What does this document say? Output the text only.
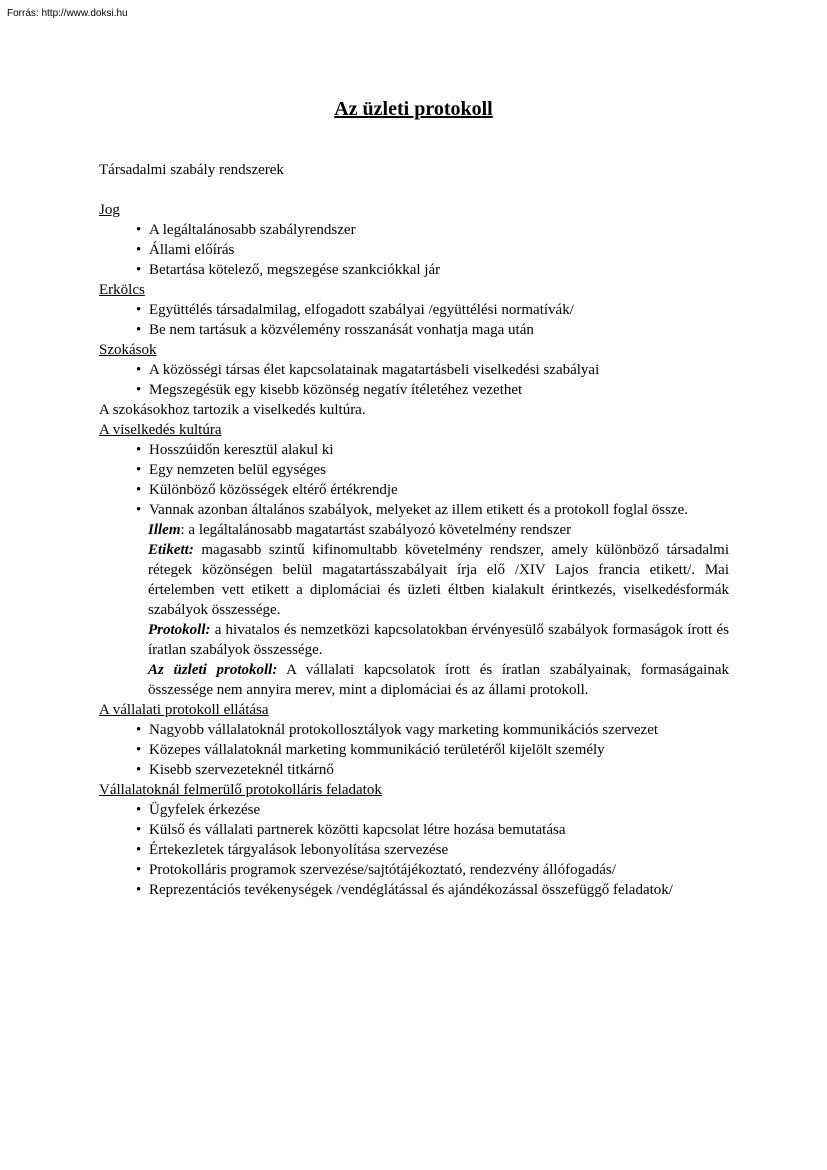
Forrás: http://www.doksi.hu
Az üzleti protokoll

Társadalmi szabály rendszerek

Jog

• A legáltalánosabb szabályrendszer
• Állami előírás
• Betartása kötelező, megszegése szankciókkal jár

Erkölcs

• Együttélés társadalmilag, elfogadott szabályai /együttélési normatívák/
• Be nem tartásuk a közvélemény rosszanását vonhatja maga után

Szokások

• A közösségi társas élet kapcsolatainak magatartásbeli viselkedési szabályai
• Megszegésük egy kisebb közönség negatív ítéletéhez vezethet

A szokásokhoz tartozik a viselkedés kultúra.

A viselkedés kultúra

• Hosszúidőn keresztül alakul ki
• Egy nemzeten belül egységes
• Különböző közösségek eltérő értékrendje
• Vannak azonban általános szabályok, melyeket az illem etikett és a protokoll foglal össze.

Illem: a legáltalánosabb magatartást szabályozó követelmény rendszer

Etikett: magasabb szintű kifinomultabb követelmény rendszer, amely különböző társadalmi rétegek közönségen belül magatartásszabályait írja elő /XIV Lajos francia etikett/. Mai értelemben vett etikett a diplomáciai és üzleti éltben kialakult érintkezés, viselkedésformák szabályok összessége.

Protokoll: a hivatalos és nemzetközi kapcsolatokban érvényesülő szabályok formaságok írott és íratlan szabályok összessége.

Az üzleti protokoll: A vállalati kapcsolatok írott és íratlan szabályainak, formaságainak összessége nem annyira merev, mint a diplomáciai és az állami protokoll.

A vállalati protokoll ellátása

• Nagyobb vállalatoknál protokollosztályok vagy marketing kommunikációs szervezet
• Közepes vállalatoknál marketing kommunikáció területéről kijelölt személy
• Kisebb szervezeteknél titkárnő

Vállalatoknál felmerülő protokolláris feladatok

• Ügyfelek érkezése
• Külső és vállalati partnerek közötti kapcsolat létre hozása bemutatása
• Értekezletek tárgyalások lebonyolítása szervezése
• Protokolláris programok szervezése/sajtótájékoztató, rendezvény állófogadás/
• Reprezentációs tevékenységek /vendéglátással és ajándékozással összefüggő feladatok/
